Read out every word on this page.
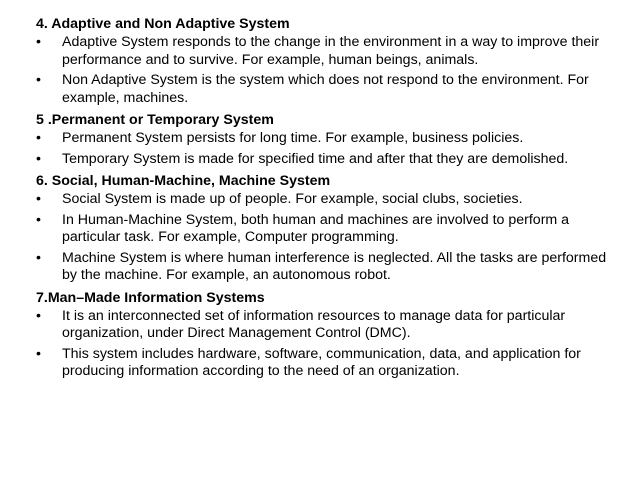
4. Adaptive and Non Adaptive System

•	Adaptive System responds to the change in the environment in a way to improve their performance and to survive. For example, human beings, animals.
•	Non Adaptive System is the system which does not respond to the environment. For example, machines.

5 .Permanent or Temporary System

•	Permanent System persists for long time. For example, business policies.
•	Temporary System is made for specified time and after that they are demolished.

6. Social, Human-Machine, Machine System

•	Social System is made up of people. For example, social clubs, societies.
•	In Human-Machine System, both human and machines are involved to perform a particular task. For example, Computer programming.
•	Machine System is where human interference is neglected. All the tasks are performed by the machine. For example, an autonomous robot.

7.Man–Made Information Systems

•	It is an interconnected set of information resources to manage data for particular organization, under Direct Management Control (DMC).
•	This system includes hardware, software, communication, data, and application for producing information according to the need of an organization.
